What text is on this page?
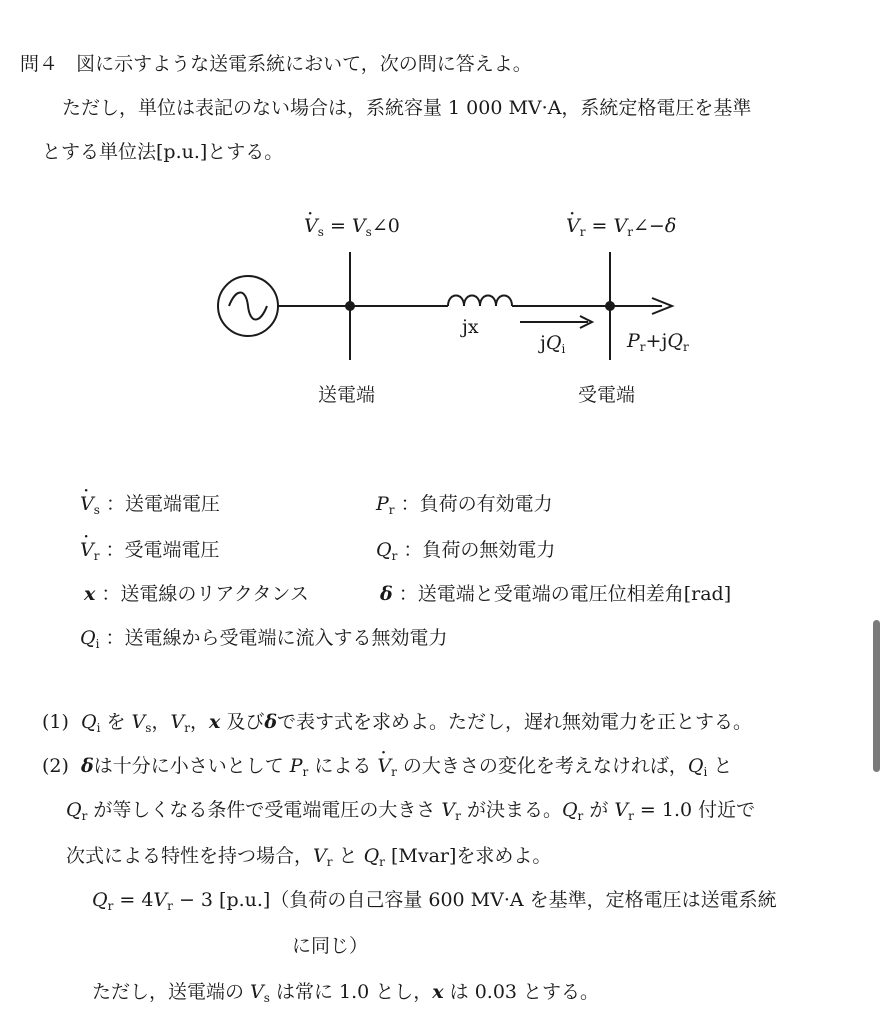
問４ 図に示すような送電系統において，次の問に答えよ。
ただし，単位は表記のない場合は，系統容量 1 000 MV·A，系統定格電圧を基準
とする単位法[p.u.]とする。
· $V_s$ = $V_s\angle 0$
·	$V_r$ = $V_r\angle-\delta$
jx
$jQ_i$	$P_r+jQ_r$
送電端	受電端
· $V_s$ ：送電端電圧
· $V_r$ ：受電端電圧
x ：送電線のリアクタンス
$Q_i$ ：送電線から受電端に流入する無効電力
$P_r$ ：負荷の有効電力
$Q_r$ ：負荷の無効電力
δ ：送電端と受電端の電圧位相差角[rad]
(1) $Q_i$ を $V_s$，$V_r$，x 及びδで表す式を求めよ。ただし，遅れ無効電力を正とする。
(2) δは十分に小さいとして $P_r$ による · $V_r$ の大きさの変化を考えなければ，$Q_i$ と
$Q_r$ が等しくなる条件で受電端電圧の大きさ $V_r$ が決まる。$Q_r$ が $V_r = 1.0$ 付近で
次式による特性を持つ場合，$V_r$ と $Q_r$ [Mvar]を求めよ。
$Q_r = 4V_r - 3$ [p.u.]（負荷の自己容量 600 MV·A を基準，定格電圧は送電系統
に同じ）
ただし，送電端の $V_s$ は常に 1.0 とし，x は 0.03 とする。
